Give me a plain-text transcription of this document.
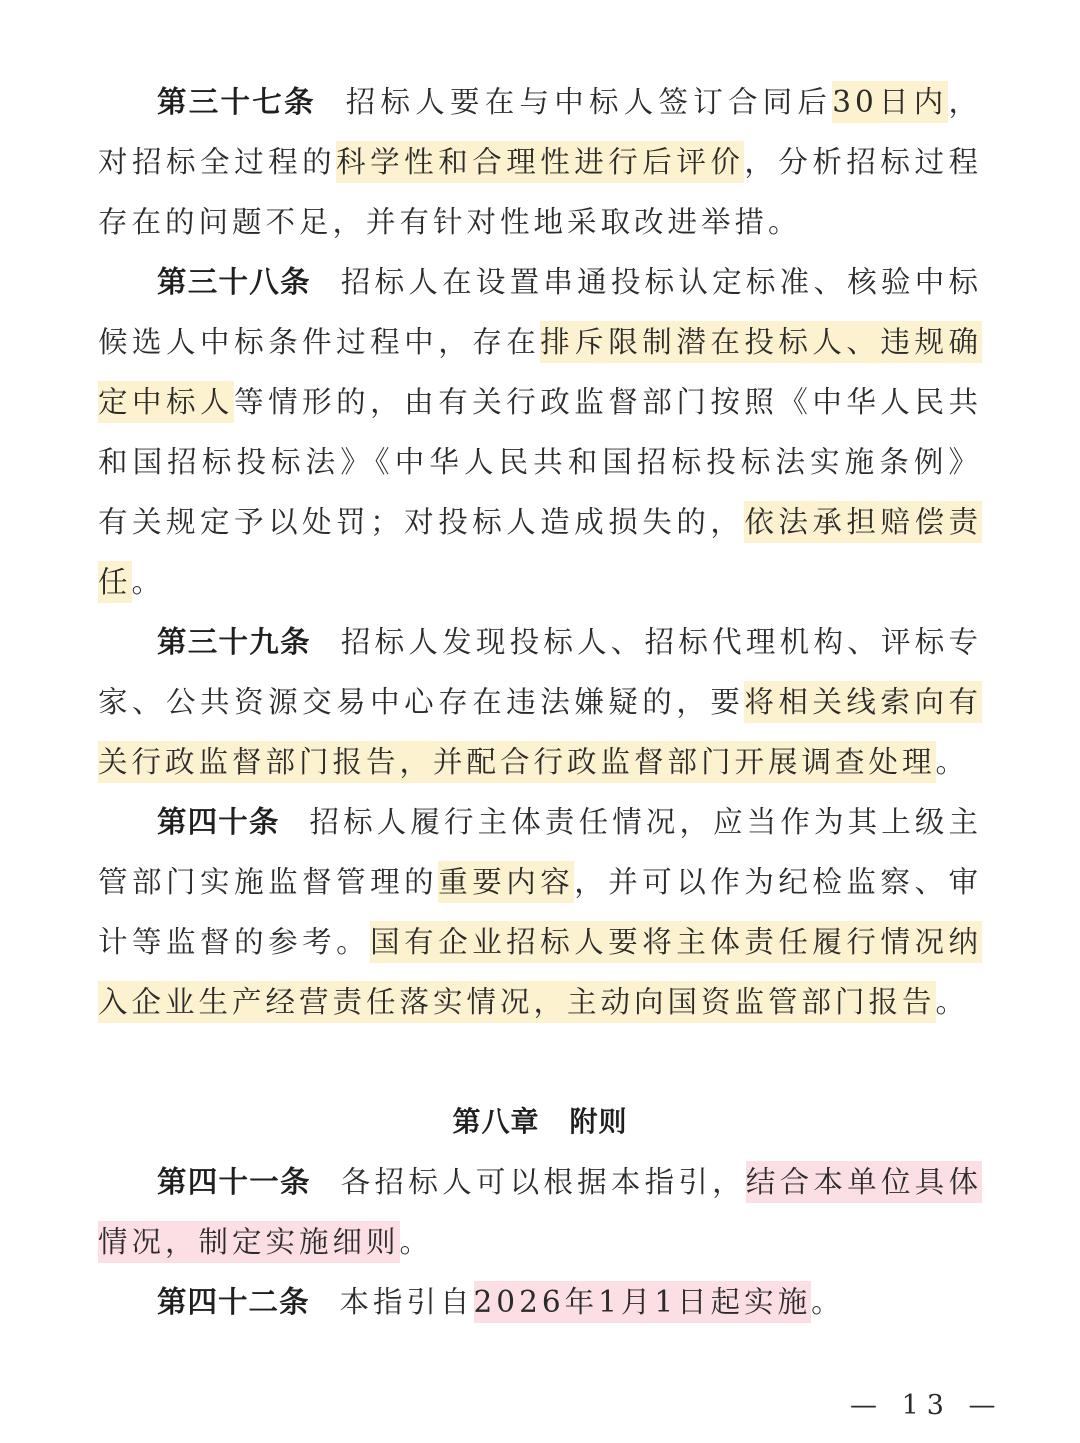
第三十七条 招标人要在与中标人签订合同后30日内，对招标全过程的科学性和合理性进行后评价，分析招标过程存在的问题不足，并有针对性地采取改进举措。

第三十八条 招标人在设置串通投标认定标准、核验中标候选人中标条件过程中，存在排斥限制潜在投标人、违规确定中标人等情形的，由有关行政监督部门按照《中华人民共和国招标投标法》《中华人民共和国招标投标法实施条例》有关规定予以处罚；对投标人造成损失的，依法承担赔偿责任。

第三十九条 招标人发现投标人、招标代理机构、评标专家、公共资源交易中心存在违法嫌疑的，要将相关线索向有关行政监督部门报告，并配合行政监督部门开展调查处理。

第四十条 招标人履行主体责任情况，应当作为其上级主管部门实施监督管理的重要内容，并可以作为纪检监察、审计等监督的参考。国有企业招标人要将主体责任履行情况纳入企业生产经营责任落实情况，主动向国资监管部门报告。

第八章 附则

第四十一条 各招标人可以根据本指引，结合本单位具体情况，制定实施细则。

第四十二条 本指引自2026年1月1日起实施。

— 13 —
